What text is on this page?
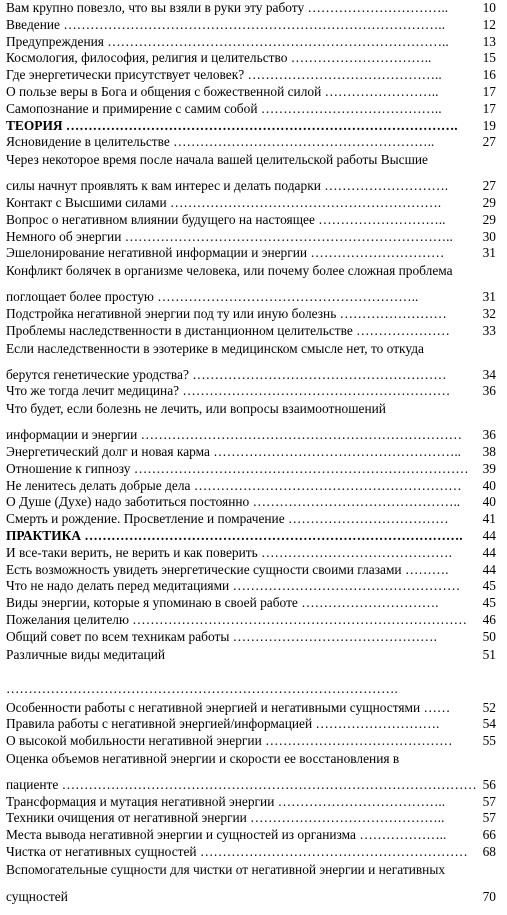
Вам крупно повезло, что вы взяли в руки эту работу …………………………..	10
Введение …………………………………………………………………………..	12
Предупреждения …………………………………………………………………..	13
Космология, философия, религия и целительство …………………………..	15
Где энергетически присутствует человек? ……………………………………..	16
О пользе веры в Бога и общения с божественной силой ……………………..	17
Самопознание и примирение с самим собой …………………………………..	17
ТЕОРИЯ ……………………………………………………………………………. 19
Ясновидение в целительстве …………………………………………………..	27
Через некоторое время после начала вашей целительской работы Высшие
силы начнут проявлять к вам интерес и делать подарки ……………………….	27
Контакт с Высшими силами …………………………………………………….	29
Вопрос о негативном влиянии будущего на настоящее ………………………..	29
Немного об энергии ……………………………………………………………….. 30
Эшелонирование негативной информации и энергии …………………………	31
Конфликт болячек в организме человека, или почему более сложная проблема
поглощает более простую …………………………………………………..	31
Подстройка негативной энергии под ту или иную болезнь ……………………	32
Проблемы наследственности в дистанционном целительстве ………………… 33
Если наследственности в эзотерике в медицинском смысле нет, то откуда
берутся генетические уродства? …………………………………………………	34
Что же тогда лечит медицина? …………………………………………………… 36
Что будет, если болезнь не лечить, или вопросы взаимоотношений
информации и энергии ……………………………………………………………… 36
Энергетический долг и новая карма ……………………………………………….. 38
Отношение к гипнозу ………………………………………………………………… 39
Не ленитесь делать добрые дела …………………………………………………… 40
О Душе (Духе) надо заботиться постоянно ……………………………………….. 40
Смерть и рождение. Просветление и помрачение ………………………………	41
ПРАКТИКА …………………………………………………………………………. 44
И все-таки верить, не верить и как поверить ……………………………………. 44
Есть возможность увидеть энергетические сущности своими глазами ……….	44
Что не надо делать перед медитациями …………………………………………… 45
Виды энергии, которые я упоминаю в своей работе ………………………….	45
Пожелания целителю ………………………………………………………………… 46
Общий совет по всем техникам работы ……………………………………….	50
Различные виды медитаций	51
…………………………………………………………………………….
Особенности работы с негативной энергией и негативными сущностями …… 52
Правила работы с негативной энергией/информацией ……………………….	54
О высокой мобильности негативной энергии …………………………………… 55
Оценка объемов негативной энергии и скорости ее восстановления в
пациенте ………………………………………………………………………………… 56
Трансформация и мутация негативной энергии ………………………………..	57
Техники очищения от негативной энергии ……………………………………..	57
Места вывода негативной энергии и сущностей из организма ………………..	66
Чистка от негативных сущностей …………………………………………………… 68
Вспомогательные сущности для чистки от негативной энергии и негативных
сущностей	70
